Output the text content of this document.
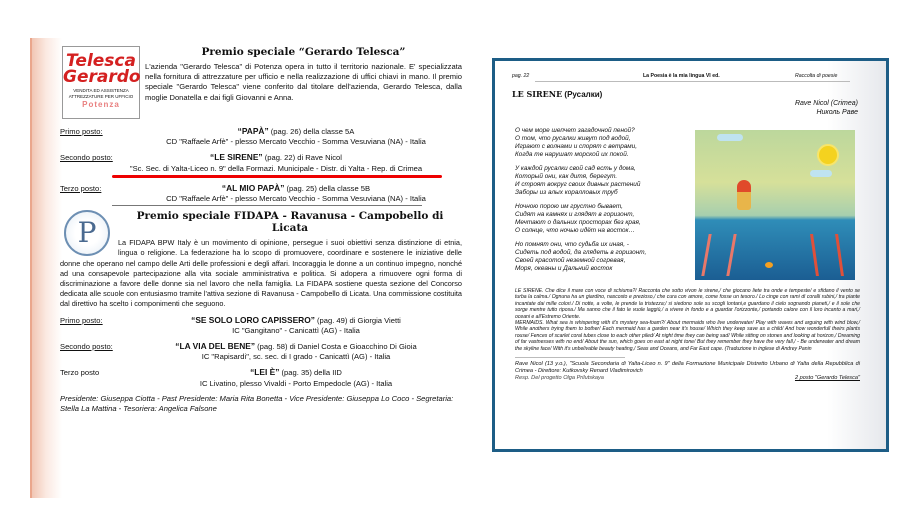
Telesca
Gerardo
VENDITA ED ASSISTENZA
ATTREZZATURE PER UFFICIO
Potenza
Premio speciale “Gerardo Telesca”
L'azienda "Gerardo Telesca" di Potenza opera in tutto il territorio nazionale. E' specializzata nella fornitura di attrezzature per ufficio e nella realizzazione di uffici chiavi in mano. Il premio speciale "Gerardo Telesca" viene conferito dal titolare dell'azienda, Gerardo Telesca, dalla moglie Donatella e dai figli Giovanni e Anna.
Primo posto:	“PAPÀ” (pag. 26) della classe 5A
CD "Raffaele Arfè" - plesso Mercato Vecchio - Somma Vesuviana (NA) - Italia
Secondo posto:	“LE SIRENE” (pag. 22) di Rave Nicol
"Sc. Sec. di Yalta-Liceo n. 9" della Formazi. Municipale - Distr. di Yalta - Rep. di Crimea
Terzo posto:	“AL MIO PAPÀ” (pag. 25) della classe 5B
CD "Raffaele Arfè" - plesso Mercato Vecchio - Somma Vesuviana (NA) - Italia
P	Premio speciale FIDAPA - Ravanusa - Campobello di Licata
La FIDAPA BPW Italy è un movimento di opinione, persegue i suoi obiettivi senza distinzione di etnia, lingua o religione. La federazione ha lo scopo di promuovere, coordinare e sostenere le iniziative delle donne che operano nel campo delle Arti delle professioni e degli affari. Incoraggia le donne a un continuo impegno, nonché ad una consapevole partecipazione alla vita sociale amministrativa e politica. Si adopera a rimuovere ogni forma di discriminazione a favore delle donne sia nel lavoro che nella famiglia. La FIDAPA sostiene questa sezione del Concorso dedicata alle scuole con entusiasmo tramite l'attiva sezione di Ravanusa - Campobello di Licata. Una commissione costituita dal direttivo ha scelto i componimenti che seguono.
Primo posto:	“SE SOLO LORO CAPISSERO” (pag. 49) di Giorgia Vietti
IC "Gangitano" - Canicattì (AG) - Italia
Secondo posto:	“LA VIA DEL BENE” (pag. 58) di Daniel Costa e Gioacchino Di Gioia
IC "Rapisardi", sc. sec. di I grado - Canicattì (AG) - Italia
Terzo posto	“LEI È” (pag. 35) della IID
IC Livatino, plesso Vivaldi - Porto Empedocle (AG) - Italia
Presidente: Giuseppa Ciotta - Past Presidente: Maria Rita Bonetta - Vice Presidente: Giuseppa Lo Coco - Segretaria: Stella La Mattina - Tesoriera: Angelica Falsone
pag. 22	La Poesia è la mia lingua VI ed.	Raccolta di poesie
LE SIRENE (Русалки)
Rave Nicol (Crimea)
Николь Раве

О чем море шепчет загадочной пеной?
О том, что русалки живут под водой,
Играют с волнами и спорят с ветрами,
Когда те нарушат морской их покой.

У каждой русалки свой сад есть у дома,
Который они, как дитя, берегут.
И строят вокруг своих дивных растений
Заборы из алых коралловых труб

Ночною порою им грустно бывает,
Сидят на камнях и глядят в горизонт,
Мечтают о дальних просторах без края,
О солнце, что ночью идёт на восток…

Но помнят они, что судьба их иная, -
Сидеть под водой, да глядеть в горизонт,
Своей красотой неземной согревая,
Моря, океаны и Дальний восток

LE SIRENE. Che dice il mare con voce di schiuma?/ Racconta che sotto vivon le sirene,/ che giocano liete tra onde e tempeste/ e sfidano il vento se turba la calma./ Ognuna ha un giardino, nascosto e prezioso,/ che cura con amore, come fosse un tesoro./ Lo cinge con rami di coralli rubini,/ tra piante incantate dai mille colori./ Di notte, a volte, le prende la tristezza;/ si siedono sole su scogli lontani,e guardano il cielo sognando pianeti,/ e il sole che sorge mentre tutto riposa./ Ma sanno che il fato le vuole laggiù,/ a vivere in fondo e a guardar l'orizzonte,/ portando calore con il loro incanto a mari,/ oceani e all'Estremo Oriente.
MERMAIDS. What sea is whispering with it's mystery sea-foam?/ About mermaids who live underwater/ Play with waves and arguing with wind blow,/ While anothers trying them to bother/ Each mermaid has a garden near it's house/ Which they keep save as a child/ And how wonderfull theirs plants rouse/ Fences of scarlet coral tubes close to each other piled/ At night time they can being sad/ While sitting on stones and looking at horizon,/ Dreaming of far vastnesses with no end/ About the sun, which goes on east at night tone/ But they remember they have the very fall,/ - Be underwater and dream the skyline face/ With it's unbelivable beauty heating,/ Seas and Oceans, and Far East cape. (Traduzione in inglese di Andrey Panin
Rave Nicol (13 y.o.), "Scuola Secondaria di Yalta-Liceo n. 9" della Formazione Municipale Distretto Urbano di Yalta della Repubblica di Crimea - Direttore: Kutkovsky Renard Vladimirovich
Resp. Del progetto Olga Prilutskaya	2 posto "Gerardo Telesca"
